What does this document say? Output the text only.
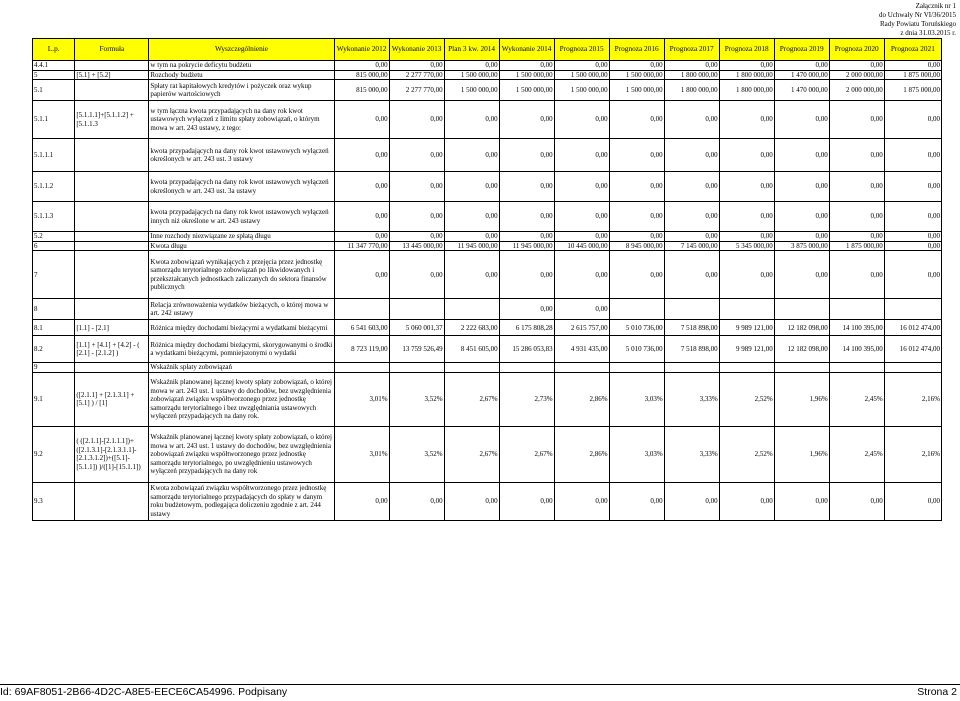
Załącznik nr 1
do Uchwały Nr VI/36/2015
Rady Powiatu Toruńskiego
z dnia 31.03.2015 r.
L.p.	Formuła	Wyszczególnienie	Wykonanie 2012	Wykonanie 2013	Plan 3 kw. 2014	Wykonanie 2014	Prognoza 2015	Prognoza 2016	Prognoza 2017	Prognoza 2018	Prognoza 2019	Prognoza 2020	Prognoza 2021
4.4.1		w tym na pokrycie deficytu budżetu	0,00	0,00	0,00	0,00	0,00	0,00	0,00	0,00	0,00	0,00	0,00
5	[5.1] + [5.2]	Rozchody budżetu	815 000,00	2 277 770,00	1 500 000,00	1 500 000,00	1 500 000,00	1 500 000,00	1 800 000,00	1 800 000,00	1 470 000,00	2 000 000,00	1 875 000,00
5.1		Spłaty rat kapitałowych kredytów i pożyczek oraz wykup papierów wartościowych	815 000,00	2 277 770,00	1 500 000,00	1 500 000,00	1 500 000,00	1 500 000,00	1 800 000,00	1 800 000,00	1 470 000,00	2 000 000,00	1 875 000,00
5.1.1	[5.1.1.1]+[5.1.1.2] +[5.1.1.3	w tym łączna kwota przypadających na dany rok kwot ustawowych wyłączeń z limitu spłaty zobowiązań, o którym mowa w art. 243 ustawy, z tego:	0,00	0,00	0,00	0,00	0,00	0,00	0,00	0,00	0,00	0,00	0,00
5.1.1.1		kwota przypadających na dany rok kwot ustawowych wyłączeń określonych w art. 243 ust. 3 ustawy	0,00	0,00	0,00	0,00	0,00	0,00	0,00	0,00	0,00	0,00	0,00
5.1.1.2		kwota przypadających na dany rok kwot ustawowych wyłączeń określonych w art. 243 ust. 3a ustawy	0,00	0,00	0,00	0,00	0,00	0,00	0,00	0,00	0,00	0,00	0,00
5.1.1.3		kwota przypadających na dany rok kwot ustawowych wyłączeń innych niż określone w art. 243 ustawy	0,00	0,00	0,00	0,00	0,00	0,00	0,00	0,00	0,00	0,00	0,00
5.2		Inne rozchody niezwiązane ze spłatą długu	0,00	0,00	0,00	0,00	0,00	0,00	0,00	0,00	0,00	0,00	0,00
6		Kwota długu	11 347 770,00	13 445 000,00	11 945 000,00	11 945 000,00	10 445 000,00	8 945 000,00	7 145 000,00	5 345 000,00	3 875 000,00	1 875 000,00	0,00
7		Kwota zobowiązań wynikających z przejęcia przez jednostkę samorządu terytorialnego zobowiązań po likwidowanych i przekształcanych jednostkach zaliczanych do sektora finansów publicznych	0,00	0,00	0,00	0,00	0,00	0,00	0,00	0,00	0,00	0,00	0,00
8		Relacja zrównoważenia wydatków bieżących, o której mowa w art. 242 ustawy				0,00	0,00						
8.1	[1.1] - [2.1]	Różnica między dochodami bieżącymi a wydatkami bieżącymi	6 541 603,00	5 060 001,37	2 222 683,00	6 175 808,28	2 615 757,00	5 010 736,00	7 518 898,00	9 989 121,00	12 182 098,00	14 100 395,00	16 012 474,00
8.2	[1.1] + [4.1] + [4.2] - ( [2.1] - [2.1.2] )	Różnica między dochodami bieżącymi, skorygowanymi o środki a wydatkami bieżącymi, pomniejszonymi o wydatki	8 723 119,00	13 759 526,49	8 451 605,00	15 286 053,83	4 931 435,00	5 010 736,00	7 518 898,00	9 989 121,00	12 182 098,00	14 100 395,00	16 012 474,00
9		Wskaźnik spłaty zobowiązań											
9.1	([2.1.1] + [2.1.3.1] + [5.1] ) / [1]	Wskaźnik planowanej łącznej kwoty spłaty zobowiązań, o której mowa w art. 243 ust. 1 ustawy do dochodów, bez uwzględnienia zobowiązań związku współtworzonego przez jednostkę samorządu terytorialnego i bez uwzględniania ustawowych wyłączeń przypadających na dany rok.	3,01%	3,52%	2,67%	2,73%	2,86%	3,03%	3,33%	2,52%	1,96%	2,45%	2,16%
9.2	( ([2.1.1]-[2.1.1.1])+([2.1.3.1]-[2.1.3.1.1]-[2.1.3.1.2])+([5.1]-[5.1.1]) )/([1]-[15.1.1])	Wskaźnik planowanej łącznej kwoty spłaty zobowiązań, o której mowa w art. 243 ust. 1 ustawy do dochodów, bez uwzględnienia zobowiązań związku współtworzonego przez jednostkę samorządu terytorialnego, po uwzględnieniu ustawowych wyłączeń przypadających na dany rok	3,01%	3,52%	2,67%	2,67%	2,86%	3,03%	3,33%	2,52%	1,96%	2,45%	2,16%
9.3		Kwota zobowiązań związku współtworzonego przez jednostkę samorządu terytorialnego przypadających do spłaty w danym roku budżetowym, podlegająca doliczeniu zgodnie z art. 244 ustawy	0,00	0,00	0,00	0,00	0,00	0,00	0,00	0,00	0,00	0,00	0,00
Id: 69AF8051-2B66-4D2C-A8E5-EECE6CA54996. Podpisany	Strona 2
